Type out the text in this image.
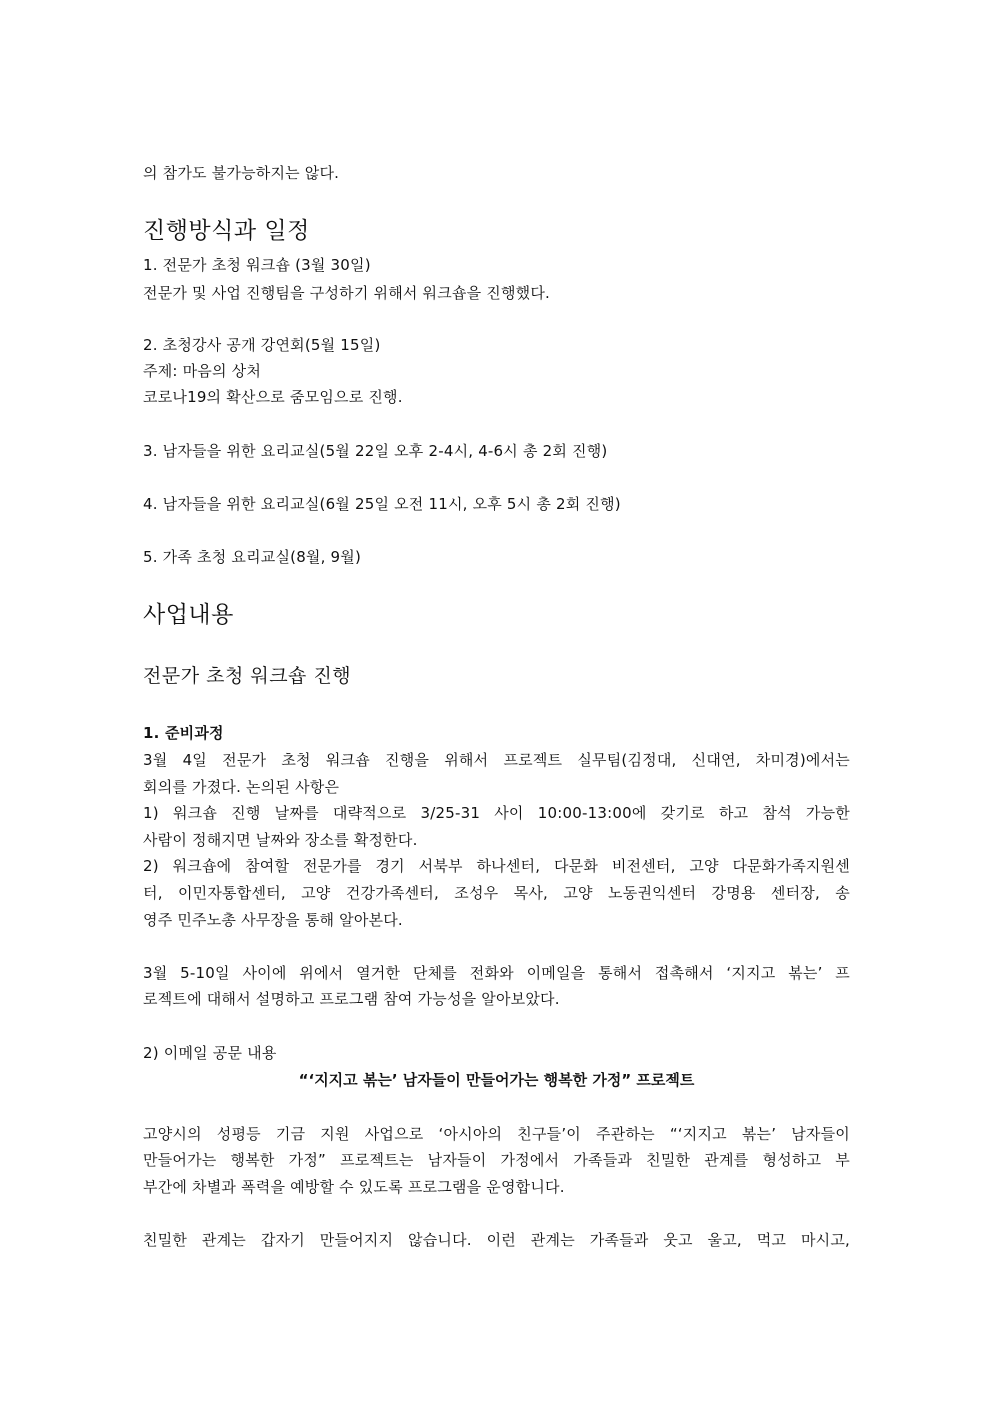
의 참가도 불가능하지는 않다.
진행방식과 일정
1. 전문가 초청 워크숍 (3월 30일)
전문가 및 사업 진행팀을 구성하기 위해서 워크숍을 진행했다.
2. 초청강사 공개 강연회(5월 15일)
주제: 마음의 상처
코로나19의 확산으로 줌모임으로 진행.
3. 남자들을 위한 요리교실(5월 22일 오후 2-4시, 4-6시 총 2회 진행)
4. 남자들을 위한 요리교실(6월 25일 오전 11시, 오후 5시 총 2회 진행)
5. 가족 초청 요리교실(8월, 9월)
사업내용
전문가 초청 워크숍 진행
1. 준비과정
3월 4일 전문가 초청 워크숍 진행을 위해서 프로젝트 실무팀(김정대, 신대연, 차미경)에서는
회의를 가졌다. 논의된 사항은
1) 워크숍 진행 날짜를 대략적으로 3/25-31 사이 10:00-13:00에 갖기로 하고 참석 가능한
사람이 정해지면 날짜와 장소를 확정한다.
2) 워크숍에 참여할 전문가를 경기 서북부 하나센터, 다문화 비전센터, 고양 다문화가족지원센
터, 이민자통합센터, 고양 건강가족센터, 조성우 목사, 고양 노동권익센터 강명용 센터장, 송
영주 민주노총 사무장을 통해 알아본다.
3월 5-10일 사이에 위에서 열거한 단체를 전화와 이메일을 통해서 접촉해서 ‘지지고 볶는’ 프
로젝트에 대해서 설명하고 프로그램 참여 가능성을 알아보았다.
2) 이메일 공문 내용
“‘지지고 볶는’ 남자들이 만들어가는 행복한 가정” 프로젝트
고양시의 성평등 기금 지원 사업으로 ‘아시아의 친구들’이 주관하는 “‘지지고 볶는’ 남자들이
만들어가는 행복한 가정” 프로젝트는 남자들이 가정에서 가족들과 친밀한 관계를 형성하고 부
부간에 차별과 폭력을 예방할 수 있도록 프로그램을 운영합니다.
친밀한 관계는 갑자기 만들어지지 않습니다. 이런 관계는 가족들과 웃고 울고, 먹고 마시고,
